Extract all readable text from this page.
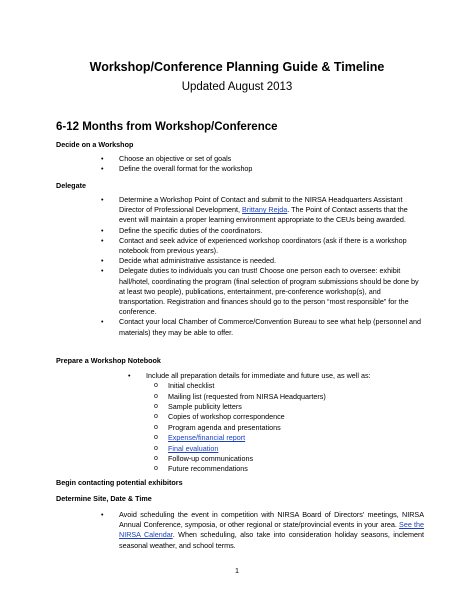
Workshop/Conference Planning Guide & Timeline
Updated August 2013
6-12 Months from Workshop/Conference
Decide on a Workshop
• Choose an objective or set of goals
• Define the overall format for the workshop
Delegate
• Determine a Workshop Point of Contact and submit to the NIRSA Headquarters Assistant Director of Professional Development, Brittany Rejda. The Point of Contact asserts that the event will maintain a proper learning environment appropriate to the CEUs being awarded.
• Define the specific duties of the coordinators.
• Contact and seek advice of experienced workshop coordinators (ask if there is a workshop notebook from previous years).
• Decide what administrative assistance is needed.
• Delegate duties to individuals you can trust! Choose one person each to oversee: exhibit hall/hotel, coordinating the program (final selection of program submissions should be done by at least two people), publications, entertainment, pre-conference workshop(s), and transportation. Registration and finances should go to the person “most responsible” for the conference.
• Contact your local Chamber of Commerce/Convention Bureau to see what help (personnel and materials) they may be able to offer.
Prepare a Workshop Notebook
• Include all preparation details for immediate and future use, as well as:
o Initial checklist
o Mailing list (requested from NIRSA Headquarters)
o Sample publicity letters
o Copies of workshop correspondence
o Program agenda and presentations
o Expense/financial report
o Final evaluation
o Follow-up communications
o Future recommendations
Begin contacting potential exhibitors
Determine Site, Date & Time
• Avoid scheduling the event in competition with NIRSA Board of Directors’ meetings, NIRSA Annual Conference, symposia, or other regional or state/provincial events in your area. See the NIRSA Calendar. When scheduling, also take into consideration holiday seasons, inclement seasonal weather, and school terms.
1
